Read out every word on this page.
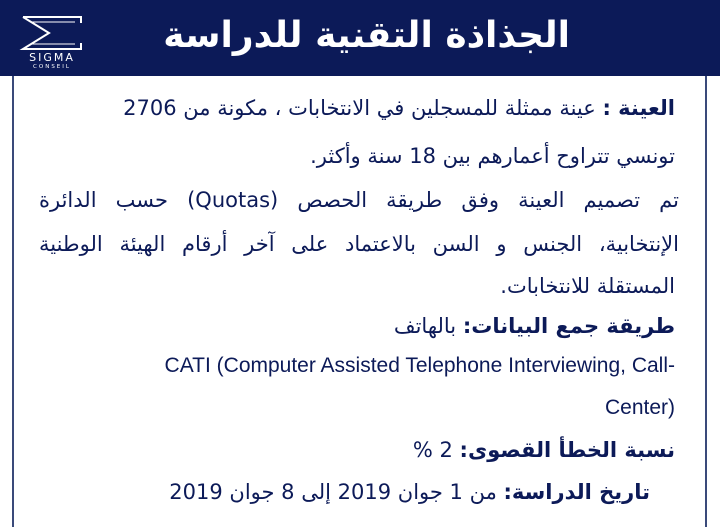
SIGMA
CONSEIL
الجذاذة التقنية للدراسة
العينة : عينة ممثلة للمسجلين في الانتخابات ، مكونة من 2706
تونسي تتراوح أعمارهم بين 18 سنة وأكثر.
تم تصميم العينة وفق طريقة الحصص (Quotas) حسب الدائرة
الإنتخابية، الجنس و السن بالاعتماد على آخر أرقام الهيئة الوطنية
المستقلة للانتخابات.
طريقة جمع البيانات: بالهاتف
CATI (Computer Assisted Telephone Interviewing, Call-
Center)
نسبة الخطأ القصوى: 2 %
تاريخ الدراسة: من 1 جوان 2019 إلى 8 جوان 2019
